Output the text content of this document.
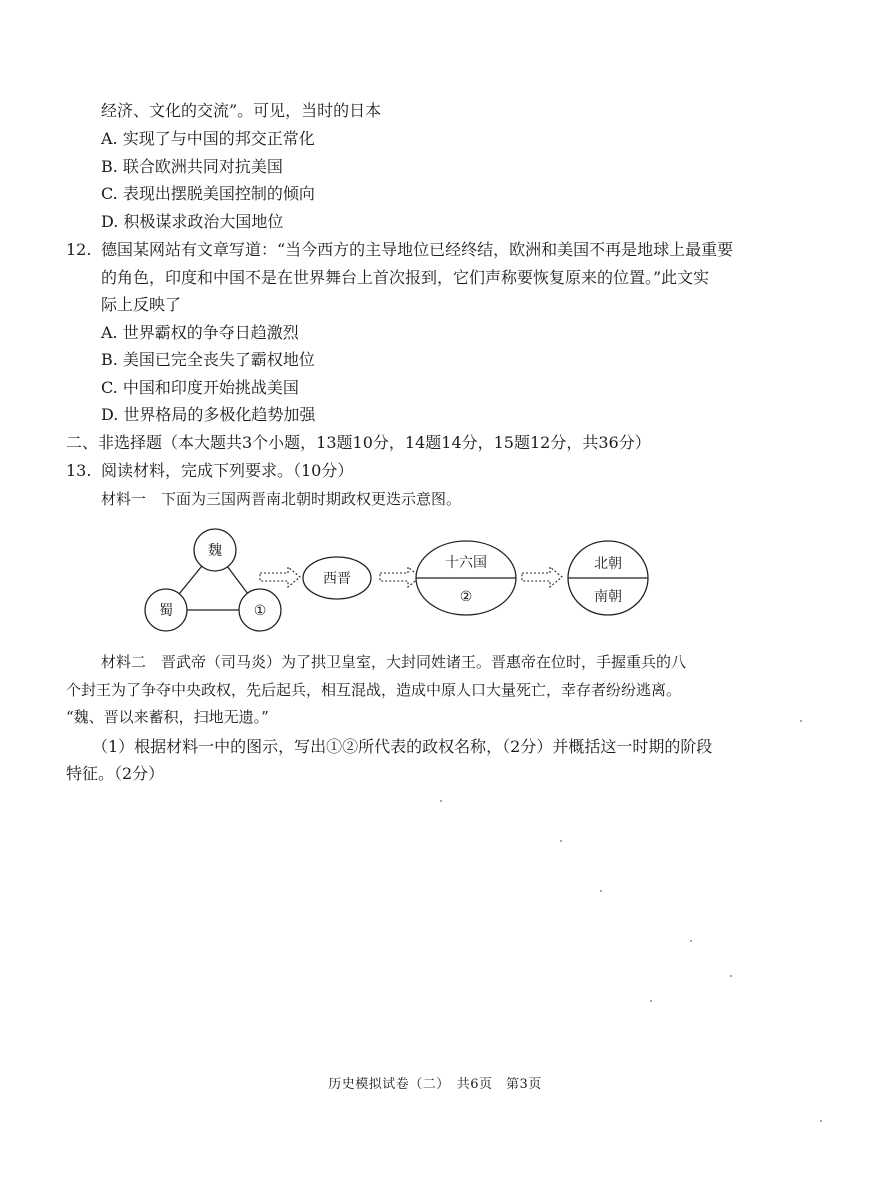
经济、文化的交流”。可见，当时的日本
A. 实现了与中国的邦交正常化
B. 联合欧洲共同对抗美国
C. 表现出摆脱美国控制的倾向
D. 积极谋求政治大国地位
12. 德国某网站有文章写道：“当今西方的主导地位已经终结，欧洲和美国不再是地球上最重要
的角色，印度和中国不是在世界舞台上首次报到，它们声称要恢复原来的位置。”此文实
际上反映了
A. 世界霸权的争夺日趋激烈
B. 美国已完全丧失了霸权地位
C. 中国和印度开始挑战美国
D. 世界格局的多极化趋势加强
二、非选择题（本大题共3个小题，13题10分，14题14分，15题12分，共36分）
13. 阅读材料，完成下列要求。（10分）
材料一　下面为三国两晋南北朝时期政权更迭示意图。
魏
蜀	①
西晋
十六国
②
北朝
南朝
材料二　晋武帝（司马炎）为了拱卫皇室，大封同姓诸王。晋惠帝在位时，手握重兵的八
个封王为了争夺中央政权，先后起兵，相互混战，造成中原人口大量死亡，幸存者纷纷逃离。
“魏、晋以来蓄积，扫地无遗。”
（1）根据材料一中的图示，写出①②所代表的政权名称，（2分）并概括这一时期的阶段
特征。（2分）
历史模拟试卷（二）　共6页　第3页
